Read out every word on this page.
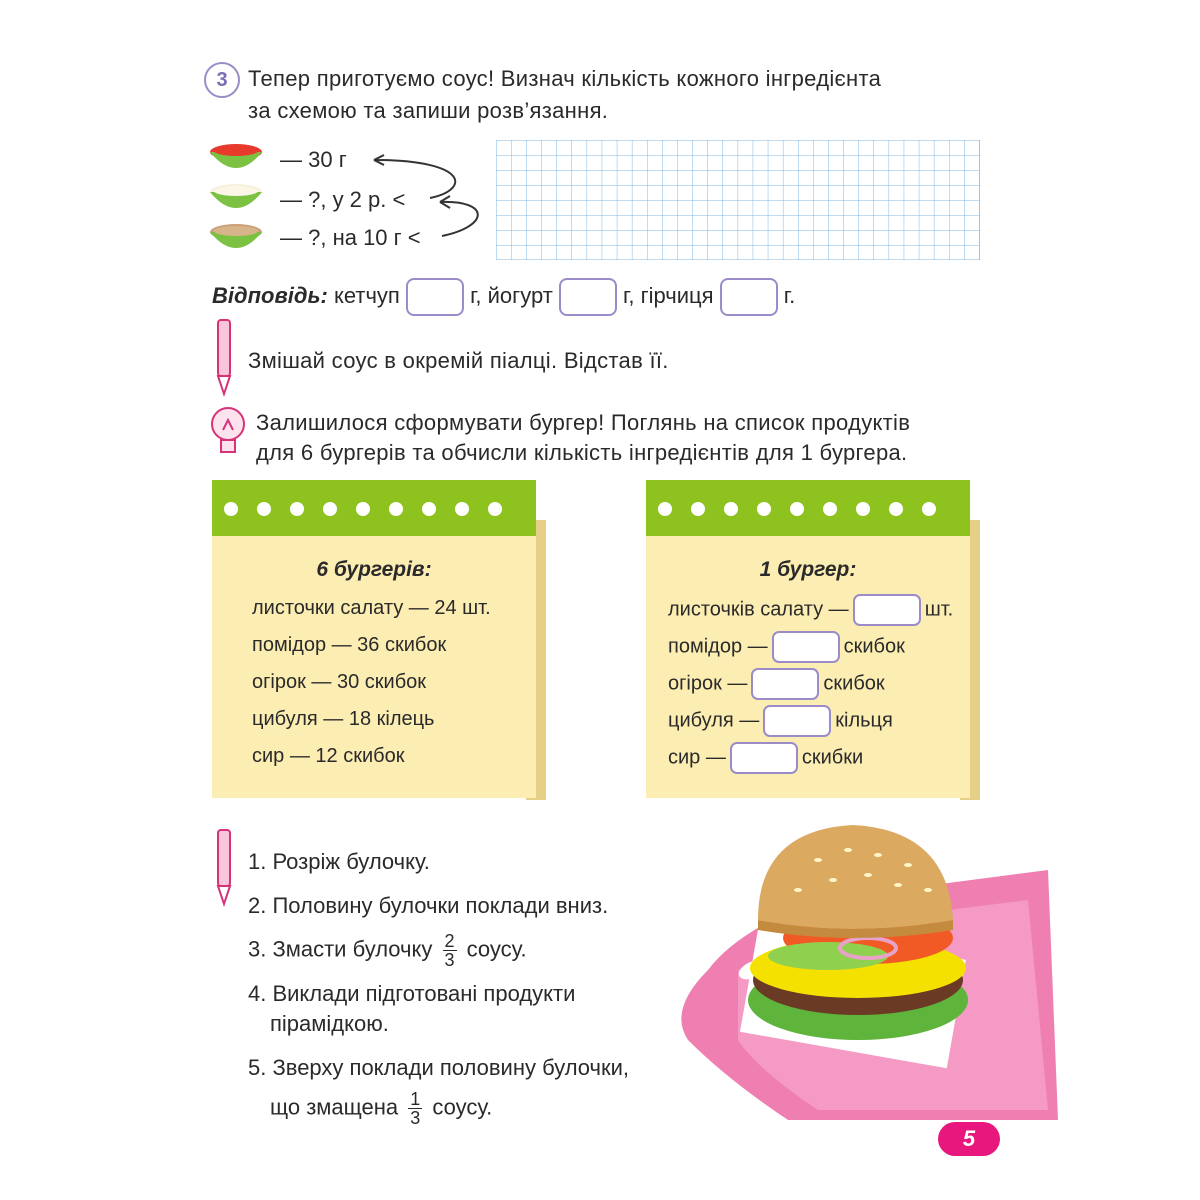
3 Тепер приготуємо соус! Визнач кількість кожного інгредієнта
за схемою та запиши розв’язання.
— 30 г
— ?, у 2 р. <
— ?, на 10 г <
Відповідь: кетчуп	г, йогурт	г, гірчиця	г.
Змішай соус в окремій піалці. Відстав її.
Залишилося сформувати бургер! Поглянь на список продуктів
для 6 бургерів та обчисли кількість інгредієнтів для 1 бургера.
6 бургерів:
листочки салату — 24 шт.
помідор — 36 скибок
огірок — 30 скибок
цибуля — 18 кілець
сир — 12 скибок
1 бургер:
листочків салату —	шт.
помідор —	скибок
огірок —	скибок
цибуля —	кільця
сир —	скибки
1. Розріж булочку.
2. Половину булочки поклади вниз.
3. Змасти булочку $\frac{2}{3}$ соусу.
4. Виклади підготовані продукти
пірамідкою.
5. Зверху поклади половину булочки,
що змащена $\frac{1}{3}$ соусу.
5
